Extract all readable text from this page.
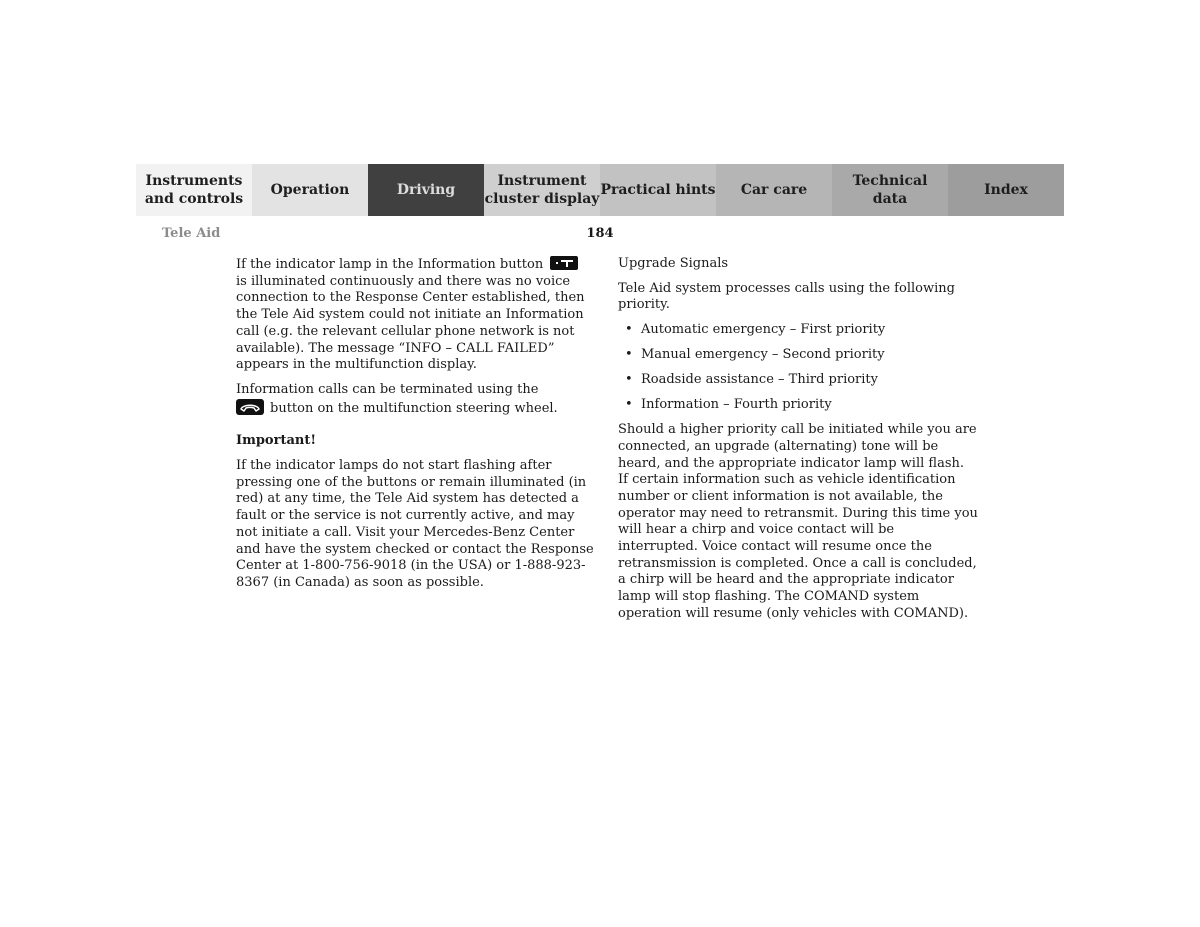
Instruments
and controls
Operation	Driving
Instrument
cluster display
Practical hints	Car care
Technical
data
Index
Tele Aid	184

If the indicator lamp in the Information button
is illuminated continuously and there was no voice connection to the Response Center established, then the Tele Aid system could not initiate an Information call (e.g. the relevant cellular phone network is not available). The message “INFO – CALL FAILED” appears in the multifunction display.

Information calls can be terminated using the

button on the multifunction steering wheel.

Important!

If the indicator lamps do not start flashing after pressing one of the buttons or remain illuminated (in red) at any time, the Tele Aid system has detected a fault or the service is not currently active, and may not initiate a call. Visit your Mercedes-Benz Center and have the system checked or contact the Response Center at 1-800-756-9018 (in the USA) or 1-888-923-8367 (in Canada) as soon as possible.

Upgrade Signals

Tele Aid system processes calls using the following priority.

• Automatic emergency – First priority
• Manual emergency – Second priority
• Roadside assistance – Third priority
• Information – Fourth priority

Should a higher priority call be initiated while you are connected, an upgrade (alternating) tone will be heard, and the appropriate indicator lamp will flash. If certain information such as vehicle identification number or client information is not available, the operator may need to retransmit. During this time you will hear a chirp and voice contact will be interrupted. Voice contact will resume once the retransmission is completed. Once a call is concluded, a chirp will be heard and the appropriate indicator lamp will stop flashing. The COMAND system operation will resume (only vehicles with COMAND).
